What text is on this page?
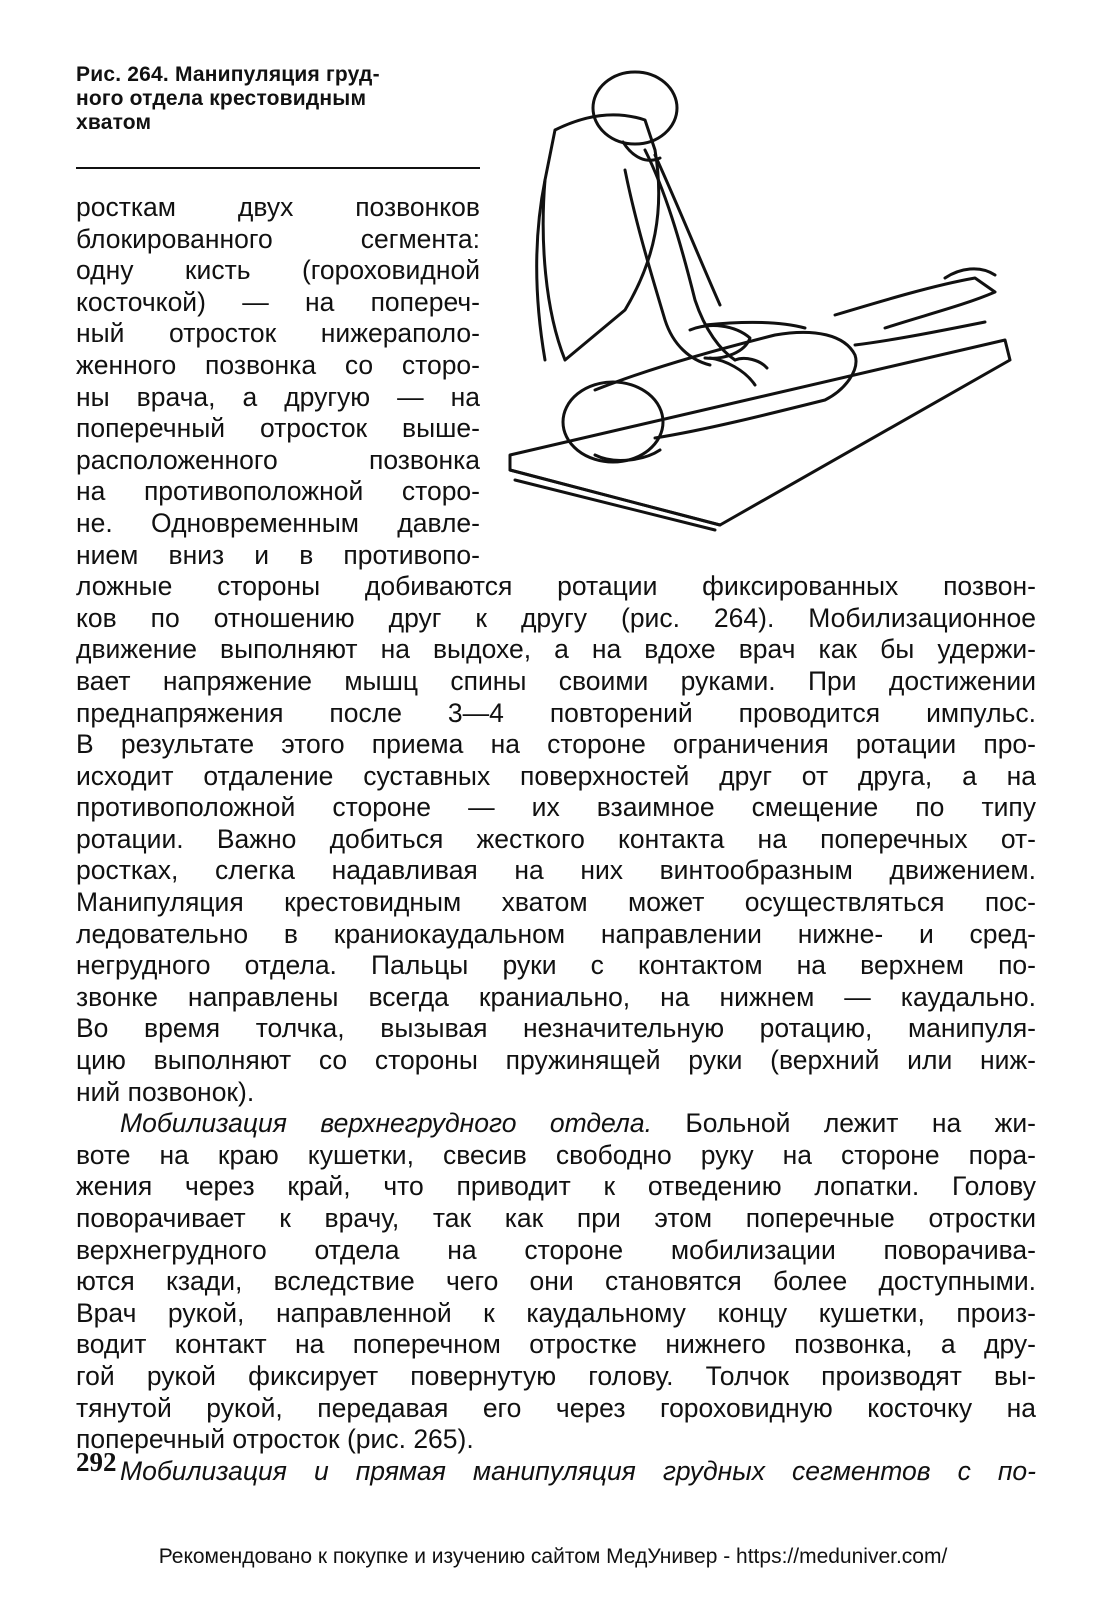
Рис. 264. Манипуляция груд-
ного отдела крестовидным
хватом
росткам двух позвонков
блокированного сегмента:
одну кисть (гороховидной
косточкой) — на попереч-
ный отросток нижераполо-
женного позвонка со сторо-
ны врача, а другую — на
поперечный отросток выше-
расположенного позвонка
на противоположной сторо-
не. Одновременным давле-
нием вниз и в противопо-
ложные стороны добиваются ротации фиксированных позвон-
ков по отношению друг к другу (рис. 264). Мобилизационное
движение выполняют на выдохе, а на вдохе врач как бы удержи-
вает напряжение мышц спины своими руками. При достижении
преднапряжения после 3—4 повторений проводится импульс.
В результате этого приема на стороне ограничения ротации про-
исходит отдаление суставных поверхностей друг от друга, а на
противоположной стороне — их взаимное смещение по типу
ротации. Важно добиться жесткого контакта на поперечных от-
ростках, слегка надавливая на них винтообразным движением.
Манипуляция крестовидным хватом может осуществляться пос-
ледовательно в краниокаудальном направлении нижне- и сред-
негрудного отдела. Пальцы руки с контактом на верхнем по-
звонке направлены всегда краниально, на нижнем — каудально.
Во время толчка, вызывая незначительную ротацию, манипуля-
цию выполняют со стороны пружинящей руки (верхний или ниж-
ний позвонок).
Мобилизация верхнегрудного отдела. Больной лежит на жи-
воте на краю кушетки, свесив свободно руку на стороне пора-
жения через край, что приводит к отведению лопатки. Голову
поворачивает к врачу, так как при этом поперечные отростки
верхнегрудного отдела на стороне мобилизации поворачива-
ются кзади, вследствие чего они становятся более доступными.
Врач рукой, направленной к каудальному концу кушетки, произ-
водит контакт на поперечном отростке нижнего позвонка, а дру-
гой рукой фиксирует повернутую голову. Толчок производят вы-
тянутой рукой, передавая его через гороховидную косточку на
поперечный отросток (рис. 265).
Мобилизация и прямая манипуляция грудных сегментов с по-
292
Рекомендовано к покупке и изучению сайтом МедУнивер - https://meduniver.com/
